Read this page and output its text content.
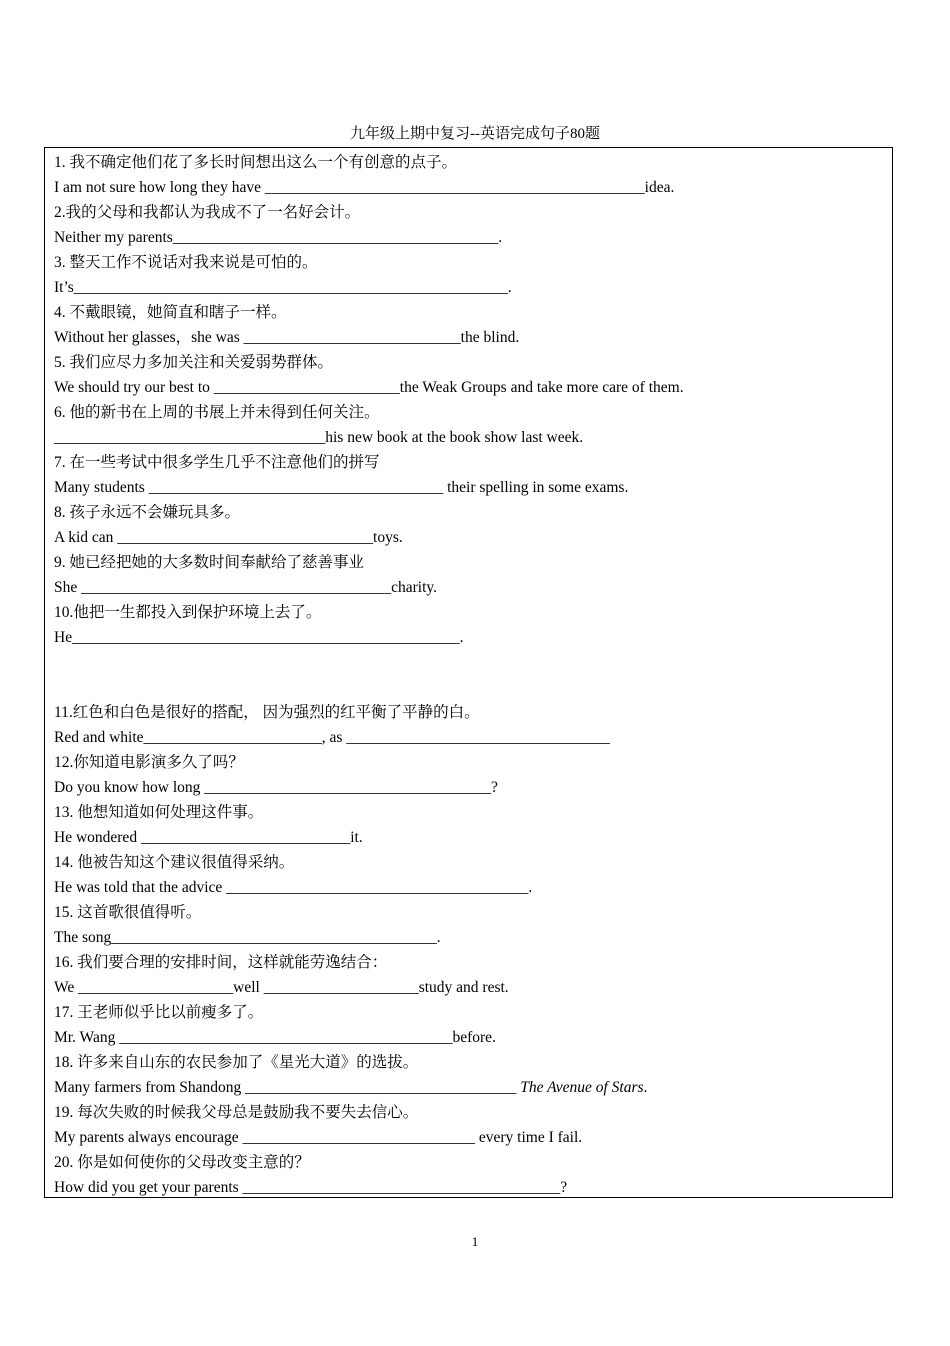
九年级上期中复习--英语完成句子80题
1. 我不确定他们花了多长时间想出这么一个有创意的点子。
I am not sure how long they have _________________________________________________idea.
2.我的父母和我都认为我成不了一名好会计。
Neither my parents__________________________________________.
3. 整天工作不说话对我来说是可怕的。
It’s________________________________________________________.
4. 不戴眼镜，她简直和瞎子一样。
Without her glasses，she was ____________________________the blind.
5. 我们应尽力多加关注和关爱弱势群体。
We should try our best to ________________________the Weak Groups and take more care of them.
6. 他的新书在上周的书展上并未得到任何关注。
___________________________________his new book at the book show last week.
7. 在一些考试中很多学生几乎不注意他们的拼写
Many students ______________________________________ their spelling in some exams.
8. 孩子永远不会嫌玩具多。
A kid can _________________________________toys.
9. 她已经把她的大多数时间奉献给了慈善事业
She ________________________________________charity.
10.他把一生都投入到保护环境上去了。
He__________________________________________________.
11.红色和白色是很好的搭配， 因为强烈的红平衡了平静的白。
Red and white_______________________, as __________________________________
12.你知道电影演多久了吗？
Do you know how long _____________________________________?
13. 他想知道如何处理这件事。
He wondered ___________________________it.
14. 他被告知这个建议很值得采纳。
He was told that the advice _______________________________________.
15. 这首歌很值得听。
The song__________________________________________.
16. 我们要合理的安排时间，这样就能劳逸结合：
We ____________________well ____________________study and rest.
17. 王老师似乎比以前瘦多了。
Mr. Wang ___________________________________________before.
18. 许多来自山东的农民参加了《星光大道》的选拔。
Many farmers from Shandong ___________________________________ The Avenue of Stars.
19. 每次失败的时候我父母总是鼓励我不要失去信心。
My parents always encourage ______________________________ every time I fail.
20. 你是如何使你的父母改变主意的？
How did you get your parents _________________________________________?
1
